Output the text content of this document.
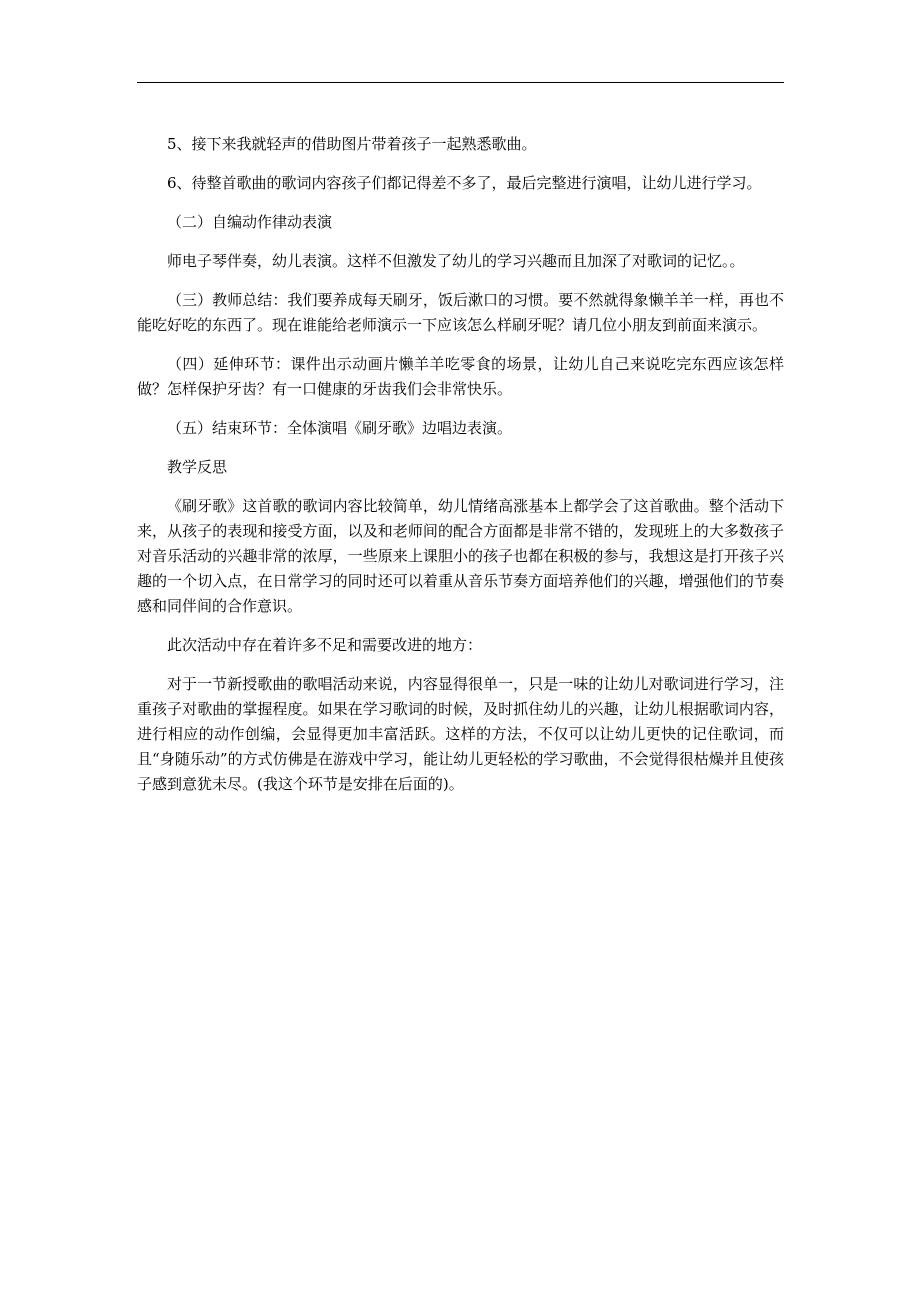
5、接下来我就轻声的借助图片带着孩子一起熟悉歌曲。

6、待整首歌曲的歌词内容孩子们都记得差不多了，最后完整进行演唱，让幼儿进行学习。

（二）自编动作律动表演

师电子琴伴奏，幼儿表演。这样不但激发了幼儿的学习兴趣而且加深了对歌词的记忆。。

（三）教师总结：我们要养成每天刷牙，饭后漱口的习惯。要不然就得象懒羊羊一样，再也不能吃好吃的东西了。现在谁能给老师演示一下应该怎么样刷牙呢？请几位小朋友到前面来演示。

（四）延伸环节：课件出示动画片懒羊羊吃零食的场景，让幼儿自己来说吃完东西应该怎样做？怎样保护牙齿？有一口健康的牙齿我们会非常快乐。

（五）结束环节：全体演唱《刷牙歌》边唱边表演。

教学反思

《刷牙歌》这首歌的歌词内容比较简单，幼儿情绪高涨基本上都学会了这首歌曲。整个活动下来，从孩子的表现和接受方面，以及和老师间的配合方面都是非常不错的，发现班上的大多数孩子对音乐活动的兴趣非常的浓厚，一些原来上课胆小的孩子也都在积极的参与，我想这是打开孩子兴趣的一个切入点，在日常学习的同时还可以着重从音乐节奏方面培养他们的兴趣，增强他们的节奏感和同伴间的合作意识。

此次活动中存在着许多不足和需要改进的地方：

对于一节新授歌曲的歌唱活动来说，内容显得很单一，只是一味的让幼儿对歌词进行学习，注重孩子对歌曲的掌握程度。如果在学习歌词的时候，及时抓住幼儿的兴趣，让幼儿根据歌词内容，进行相应的动作创编，会显得更加丰富活跃。这样的方法，不仅可以让幼儿更快的记住歌词，而且“身随乐动”的方式仿佛是在游戏中学习，能让幼儿更轻松的学习歌曲，不会觉得很枯燥并且使孩子感到意犹未尽。(我这个环节是安排在后面的)。
